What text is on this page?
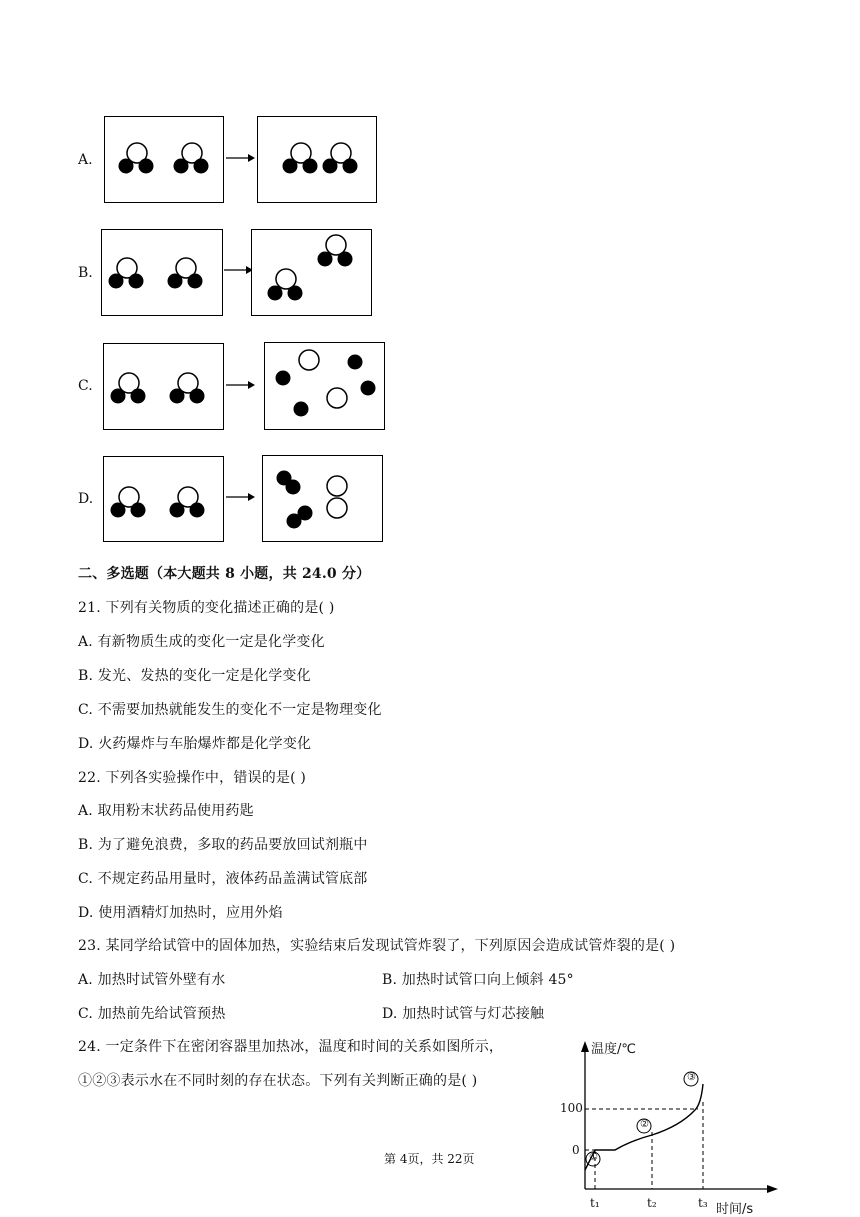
A.
B.
C.
D.
二、多选题（本大题共 8 小题，共 24.0 分）
21. 下列有关物质的变化描述正确的是( )
A. 有新物质生成的变化一定是化学变化
B. 发光、发热的变化一定是化学变化
C. 不需要加热就能发生的变化不一定是物理变化
D. 火药爆炸与车胎爆炸都是化学变化
22. 下列各实验操作中，错误的是( )
A. 取用粉末状药品使用药匙
B. 为了避免浪费，多取的药品要放回试剂瓶中
C. 不规定药品用量时，液体药品盖满试管底部
D. 使用酒精灯加热时，应用外焰
23. 某同学给试管中的固体加热，实验结束后发现试管炸裂了，下列原因会造成试管炸裂的是( )
A. 加热时试管外壁有水	B. 加热时试管口向上倾斜 45°
C. 加热前先给试管预热	D. 加热时试管与灯芯接触
24. 一定条件下在密闭容器里加热冰，温度和时间的关系如图所示，
①②③表示水在不同时刻的存在状态。下列有关判断正确的是( )
温度/℃
100
0
t₁	t₂	t₃ 时间/s
①
②
③
第 4页，共 22页
